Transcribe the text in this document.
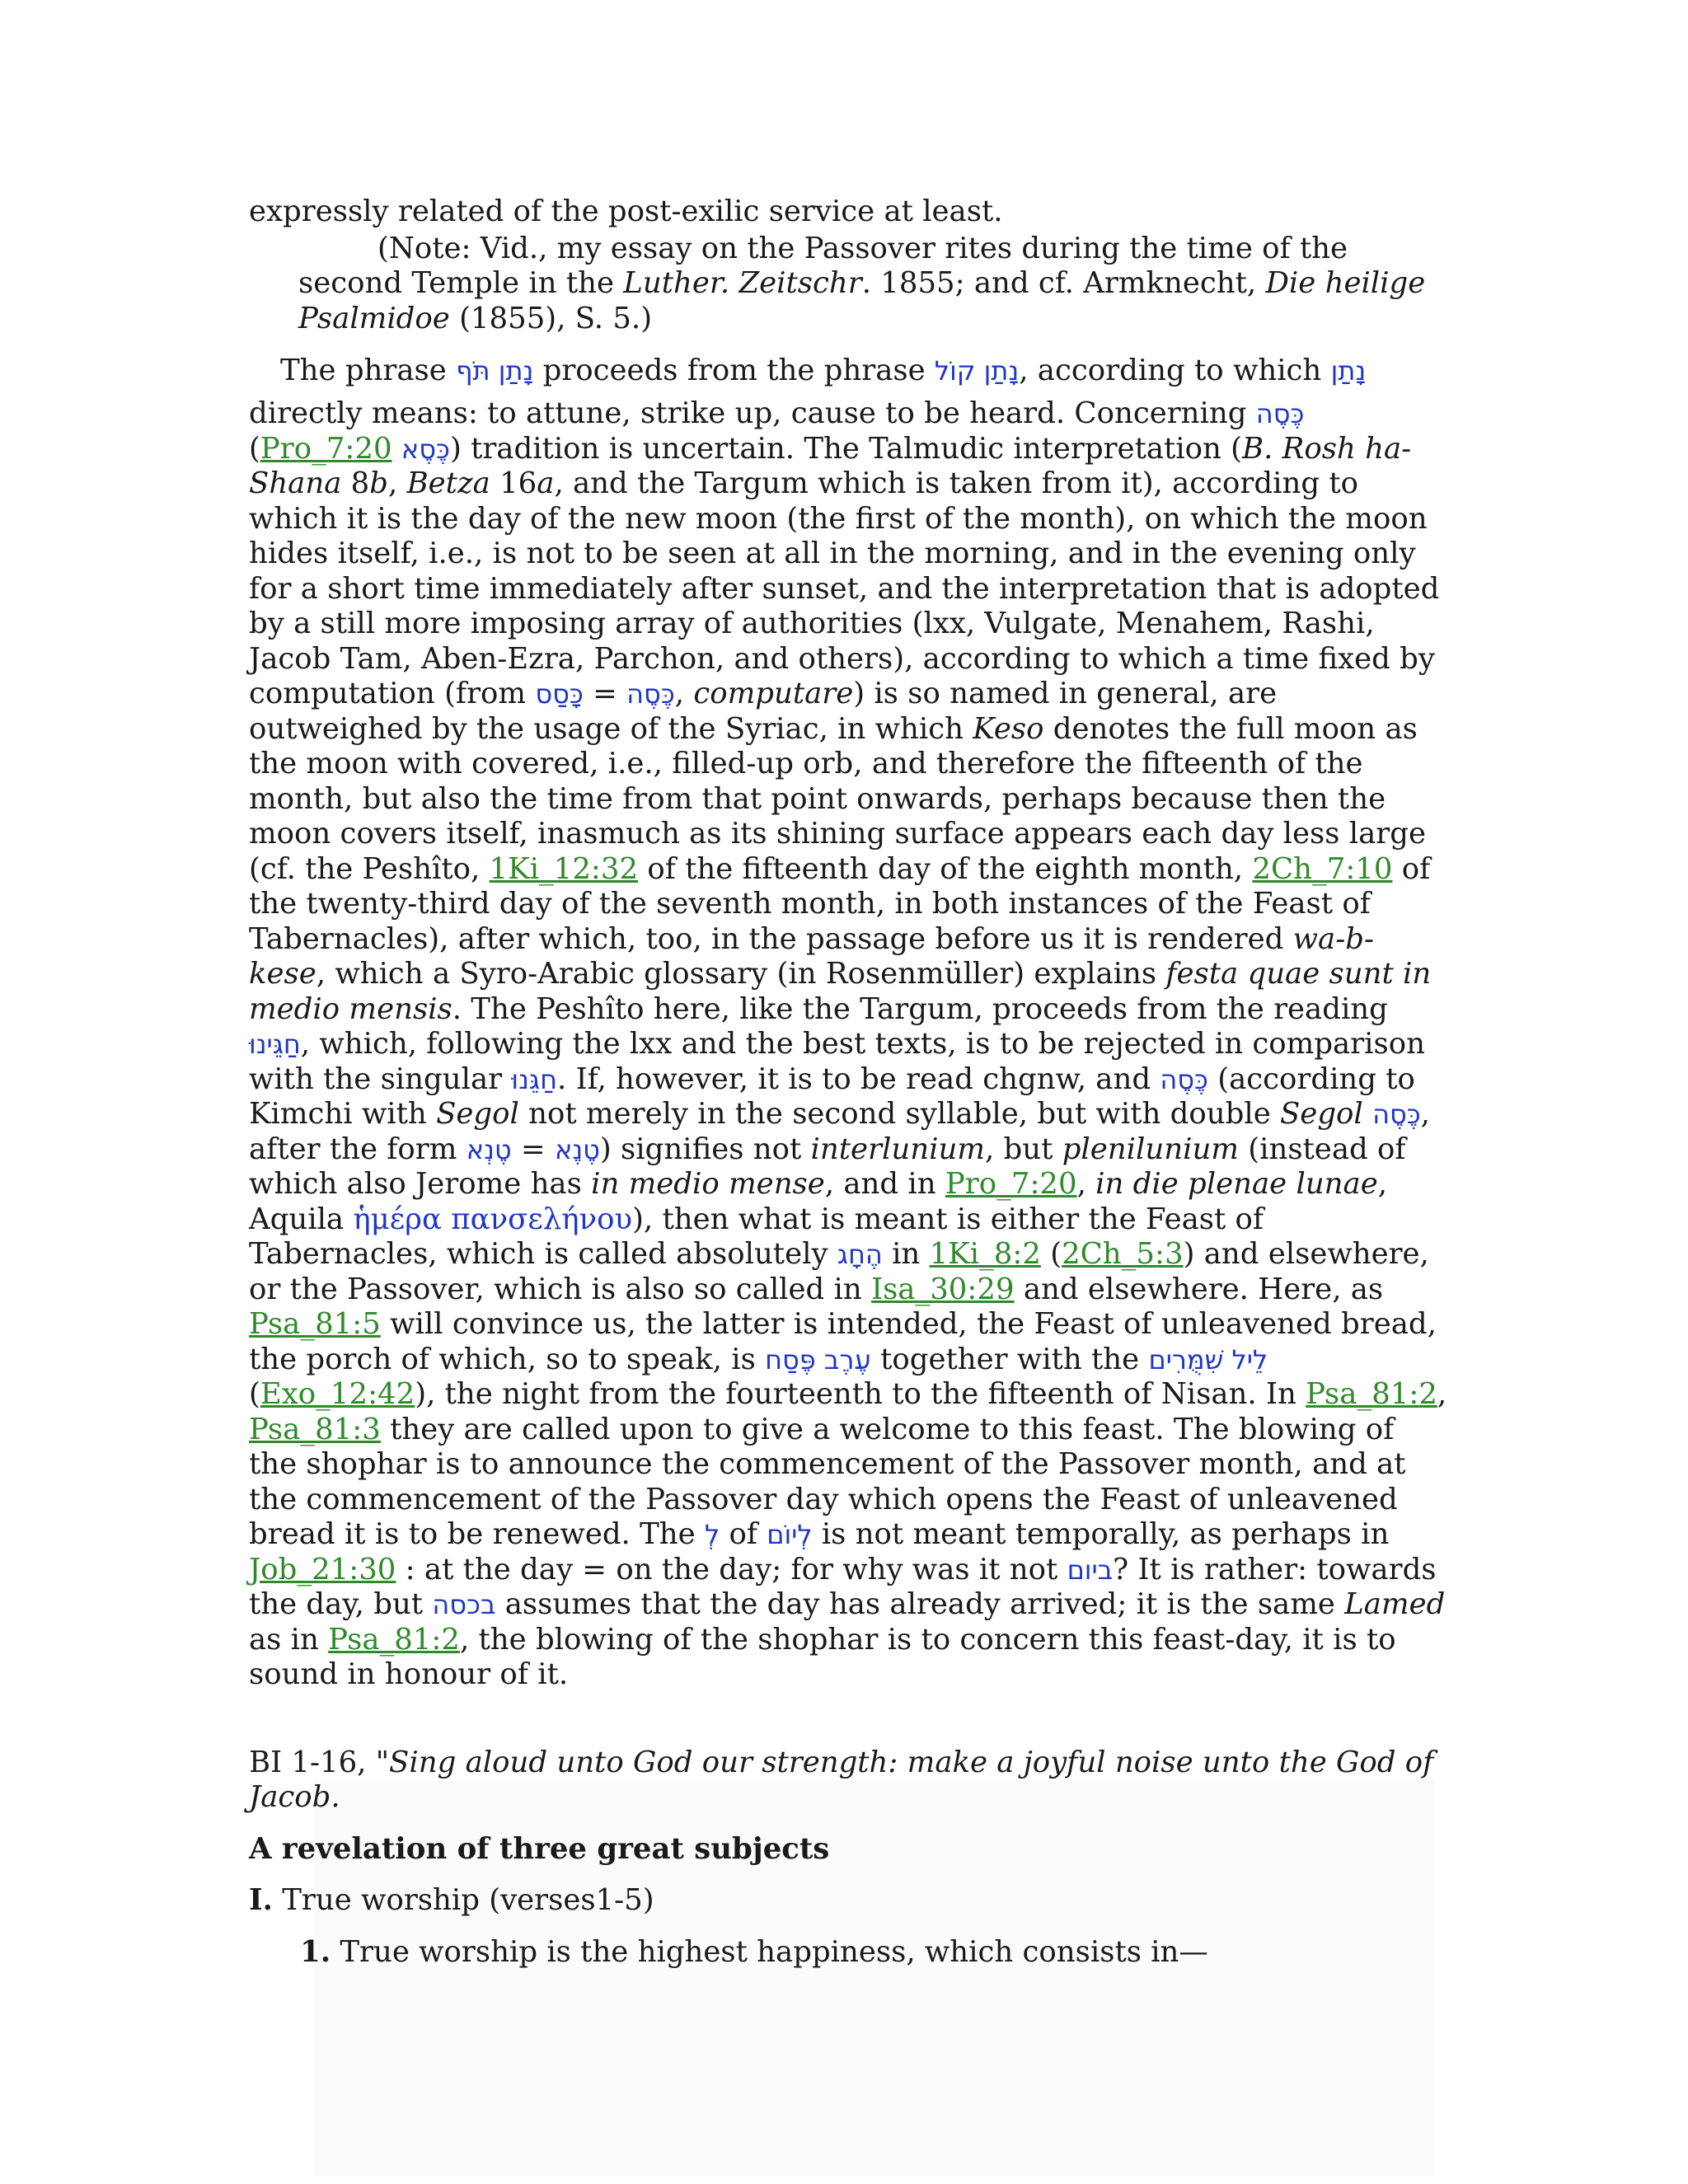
expressly related of the post-exilic service at least.

(Note: Vid., my essay on the Passover rites during the time of the second Temple in the Luther. Zeitschr. 1855; and cf. Armknecht, Die heilige Psalmidoe (1855), S. 5.)

The phrase נָתַן תֹּף proceeds from the phrase נָתַן קוֹל, according to which נָתַן directly means: to attune, strike up, cause to be heard. Concerning כֶּסֶה (Pro_7:20 כֶּסֶא) tradition is uncertain. The Talmudic interpretation (B. Rosh ha-Shana 8b, Betza 16a, and the Targum which is taken from it), according to which it is the day of the new moon (the first of the month), on which the moon hides itself, i.e., is not to be seen at all in the morning, and in the evening only for a short time immediately after sunset, and the interpretation that is adopted by a still more imposing array of authorities (lxx, Vulgate, Menahem, Rashi, Jacob Tam, Aben-Ezra, Parchon, and others), according to which a time fixed by computation (from	כֶּסֶה = כָּסַס	, computare) is so named in general, are outweighed by the usage of the Syriac, in which Keso denotes the full moon as the moon with covered, i.e., filled-up orb, and therefore the fifteenth of the month, but also the time from that point onwards, perhaps because then the moon covers itself, inasmuch as its shining surface appears each day less large (cf. the Peshîto, 1Ki_12:32 of the fifteenth day of the eighth month, 2Ch_7:10 of the twenty-third day of the seventh month, in both instances of the Feast of Tabernacles), after which, too, in the passage before us it is rendered wa-b-kese, which a Syro-Arabic glossary (in Rosenmüller) explains festa quae sunt in medio mensis. The Peshîto here, like the Targum, proceeds from the reading חַגֵּינוּ, which, following the lxx and the best texts, is to be rejected in comparison with the singular חַגֵּנוּ. If, however, it is to be read chgnw, and כֶּסֶה (according to Kimchi with Segol not merely in the second syllable, but with double Segol כֶּסֶה, after the form	טֶנֶא = טֶנְא	) signifies not interlunium, but plenilunium (instead of which also Jerome has in medio mense, and in Pro_7:20, in die plenae lunae, Aquila ἡμέρα πανσελήνου), then what is meant is either the Feast of Tabernacles, which is called absolutely הֶחָג in 1Ki_8:2 (2Ch_5:3) and elsewhere, or the Passover, which is also so called in Isa_30:29 and elsewhere. Here, as Psa_81:5 will convince us, the latter is intended, the Feast of unleavened bread, the porch of which, so to speak, is עֶרֶב פֶּסַח together with the לֵיל שִׁמֻּרִים (Exo_12:42), the night from the fourteenth to the fifteenth of Nisan. In Psa_81:2, Psa_81:3 they are called upon to give a welcome to this feast. The blowing of the shophar is to announce the commencement of the Passover month, and at the commencement of the Passover day which opens the Feast of unleavened bread it is to be renewed. The לְ of לְיוֹם is not meant temporally, as perhaps in Job_21:30 : at the day = on the day; for why was it not ביום? It is rather: towards the day, but בכסה assumes that the day has already arrived; it is the same Lamed as in Psa_81:2, the blowing of the shophar is to concern this feast-day, it is to sound in honour of it.

BI 1-16, "Sing aloud unto God our strength: make a joyful noise unto the God of Jacob.

A revelation of three great subjects

I. True worship (verses1-5)

1. True worship is the highest happiness, which consists in—
